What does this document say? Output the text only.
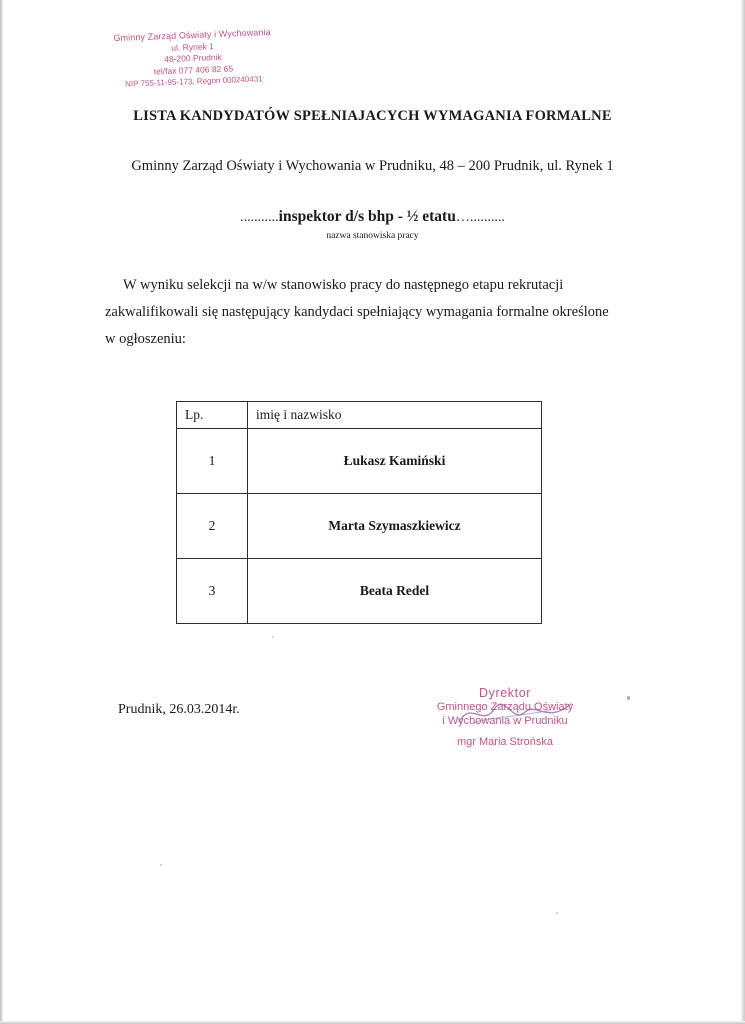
Gminny Zarząd Oświaty i Wychowania
ul. Rynek 1
48-200 Prudnik
tel/fax 077 406 82 65
NIP 755-11-95-173, Regon 000240431
LISTA KANDYDATÓW SPEŁNIAJACYCH WYMAGANIA FORMALNE
Gminny Zarząd Oświaty i Wychowania w Prudniku, 48 – 200 Prudnik, ul. Rynek 1
...........inspektor d/s bhp - ½ etatu…..........
nazwa stanowiska pracy
W wyniku selekcji na w/w stanowisko pracy do następnego etapu rekrutacji
zakwalifikowali się następujący kandydaci spełniający wymagania formalne określone
w ogłoszeniu:
Lp.	imię i nazwisko
1	Łukasz Kamiński
2	Marta Szymaszkiewicz
3	Beata Redel
Prudnik, 26.03.2014r.
Dyrektor
Gminnego Zarządu Oświaty
i Wychowania w Prudniku
mgr Maria Strońska
